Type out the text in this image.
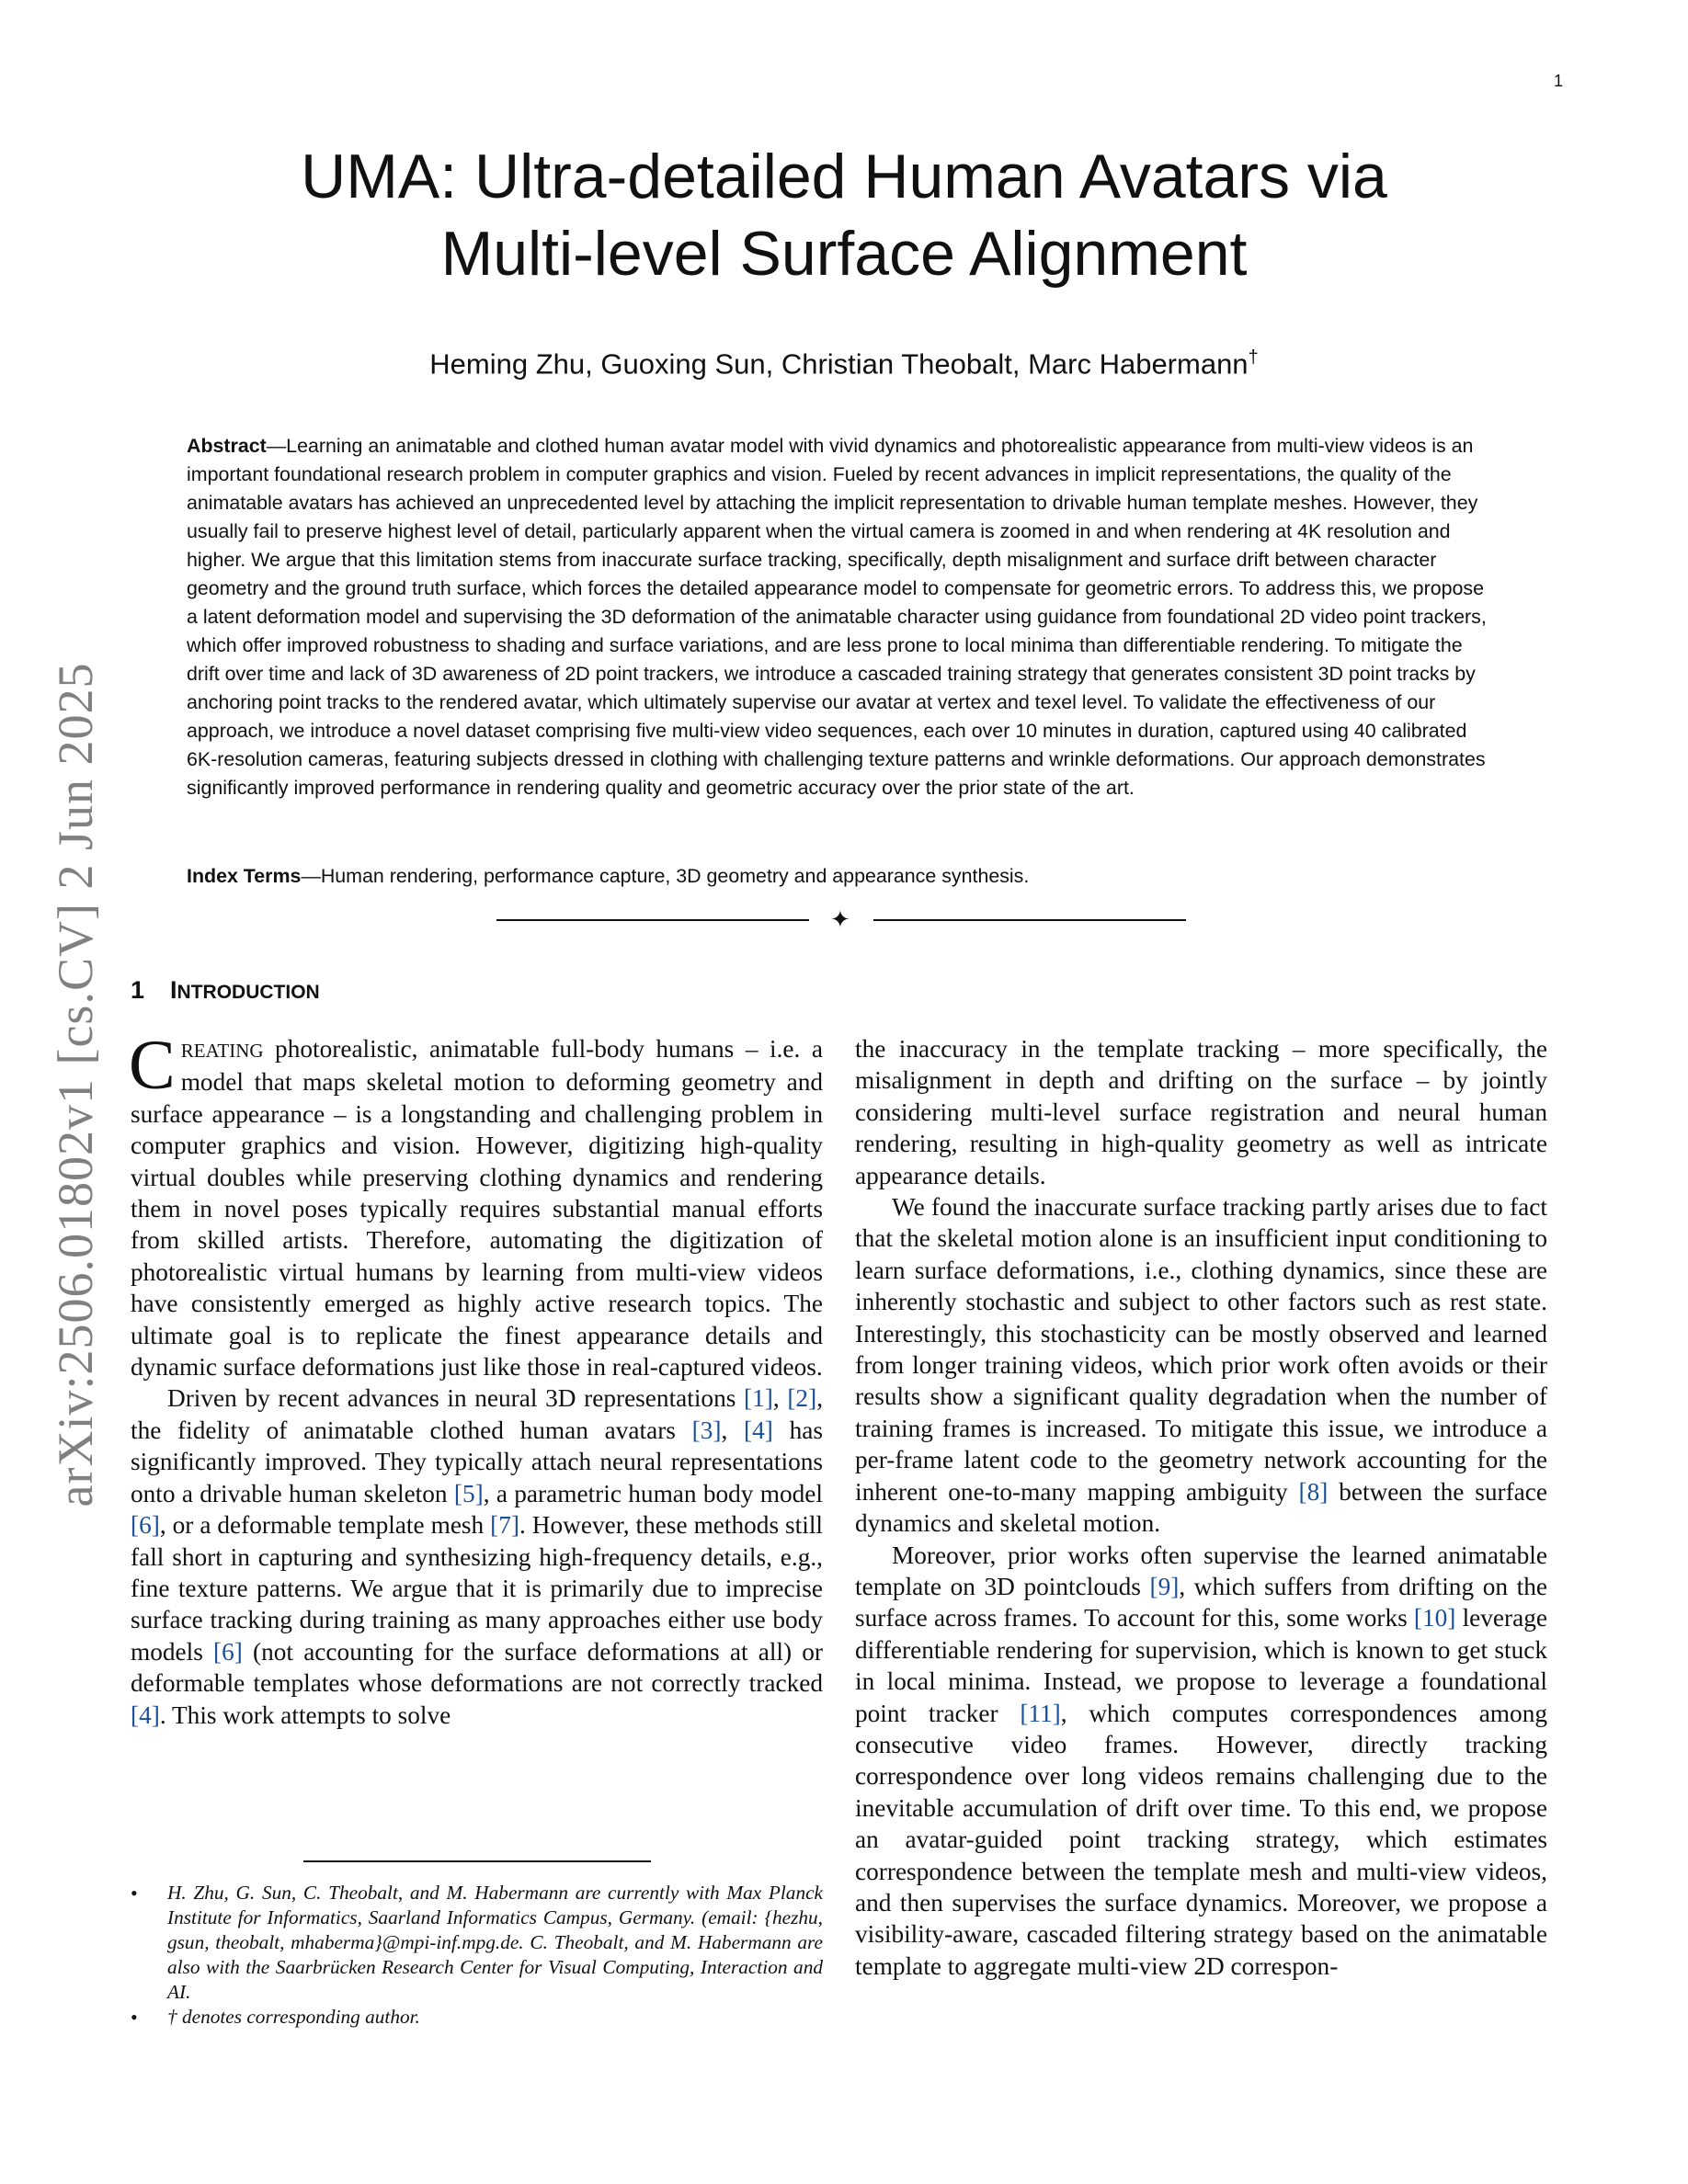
1
arXiv:2506.01802v1 [cs.CV] 2 Jun 2025
UMA: Ultra-detailed Human Avatars via
Multi-level Surface Alignment
Heming Zhu, Guoxing Sun, Christian Theobalt, Marc Habermann†

Abstract—Learning an animatable and clothed human avatar model with vivid dynamics and photorealistic appearance from multi-view videos is an important foundational research problem in computer graphics and vision. Fueled by recent advances in implicit representations, the quality of the animatable avatars has achieved an unprecedented level by attaching the implicit representation to drivable human template meshes. However, they usually fail to preserve highest level of detail, particularly apparent when the virtual camera is zoomed in and when rendering at 4K resolution and higher. We argue that this limitation stems from inaccurate surface tracking, specifically, depth misalignment and surface drift between character geometry and the ground truth surface, which forces the detailed appearance model to compensate for geometric errors. To address this, we propose a latent deformation model and supervising the 3D deformation of the animatable character using guidance from foundational 2D video point trackers, which offer improved robustness to shading and surface variations, and are less prone to local minima than differentiable rendering. To mitigate the drift over time and lack of 3D awareness of 2D point trackers, we introduce a cascaded training strategy that generates consistent 3D point tracks by anchoring point tracks to the rendered avatar, which ultimately supervise our avatar at vertex and texel level. To validate the effectiveness of our approach, we introduce a novel dataset comprising five multi-view video sequences, each over 10 minutes in duration, captured using 40 calibrated 6K-resolution cameras, featuring subjects dressed in clothing with challenging texture patterns and wrinkle deformations. Our approach demonstrates significantly improved performance in rendering quality and geometric accuracy over the prior state of the art.

Index Terms—Human rendering, performance capture, 3D geometry and appearance synthesis.

✦
1 INTRODUCTION

CREATING photorealistic, animatable full-body humans – i.e. a model that maps skeletal motion to deforming geometry and surface appearance – is a longstanding and challenging problem in computer graphics and vision. However, digitizing high-quality virtual doubles while preserving clothing dynamics and rendering them in novel poses typically requires substantial manual efforts from skilled artists. Therefore, automating the digitization of photorealistic virtual humans by learning from multi-view videos have consistently emerged as highly active research topics. The ultimate goal is to replicate the finest appearance details and dynamic surface deformations just like those in real-captured videos.

Driven by recent advances in neural 3D representations [1], [2], the fidelity of animatable clothed human avatars [3], [4] has significantly improved. They typically attach neural representations onto a drivable human skeleton [5], a parametric human body model [6], or a deformable template mesh [7]. However, these methods still fall short in capturing and synthesizing high-frequency details, e.g., fine texture patterns. We argue that it is primarily due to imprecise surface tracking during training as many approaches either use body models [6] (not accounting for the surface deformations at all) or deformable templates whose deformations are not correctly tracked [4]. This work attempts to solve

the inaccuracy in the template tracking – more specifically, the misalignment in depth and drifting on the surface – by jointly considering multi-level surface registration and neural human rendering, resulting in high-quality geometry as well as intricate appearance details.

We found the inaccurate surface tracking partly arises due to fact that the skeletal motion alone is an insufficient input conditioning to learn surface deformations, i.e., clothing dynamics, since these are inherently stochastic and subject to other factors such as rest state. Interestingly, this stochasticity can be mostly observed and learned from longer training videos, which prior work often avoids or their results show a significant quality degradation when the number of training frames is increased. To mitigate this issue, we introduce a per-frame latent code to the geometry network accounting for the inherent one-to-many mapping ambiguity [8] between the surface dynamics and skeletal motion.

Moreover, prior works often supervise the learned animatable template on 3D pointclouds [9], which suffers from drifting on the surface across frames. To account for this, some works [10] leverage differentiable rendering for supervision, which is known to get stuck in local minima. Instead, we propose to leverage a foundational point tracker [11], which computes correspondences among consecutive video frames. However, directly tracking correspondence over long videos remains challenging due to the inevitable accumulation of drift over time. To this end, we propose an avatar-guided point tracking strategy, which estimates correspondence between the template mesh and multi-view videos, and then supervises the surface dynamics. Moreover, we propose a visibility-aware, cascaded filtering strategy based on the animatable template to aggregate multi-view 2D correspon-

• H. Zhu, G. Sun, C. Theobalt, and M. Habermann are currently with Max Planck Institute for Informatics, Saarland Informatics Campus, Germany. (email: {hezhu, gsun, theobalt, mhaberma}@mpi-inf.mpg.de. C. Theobalt, and M. Habermann are also with the Saarbrücken Research Center for Visual Computing, Interaction and AI.
• † denotes corresponding author.
